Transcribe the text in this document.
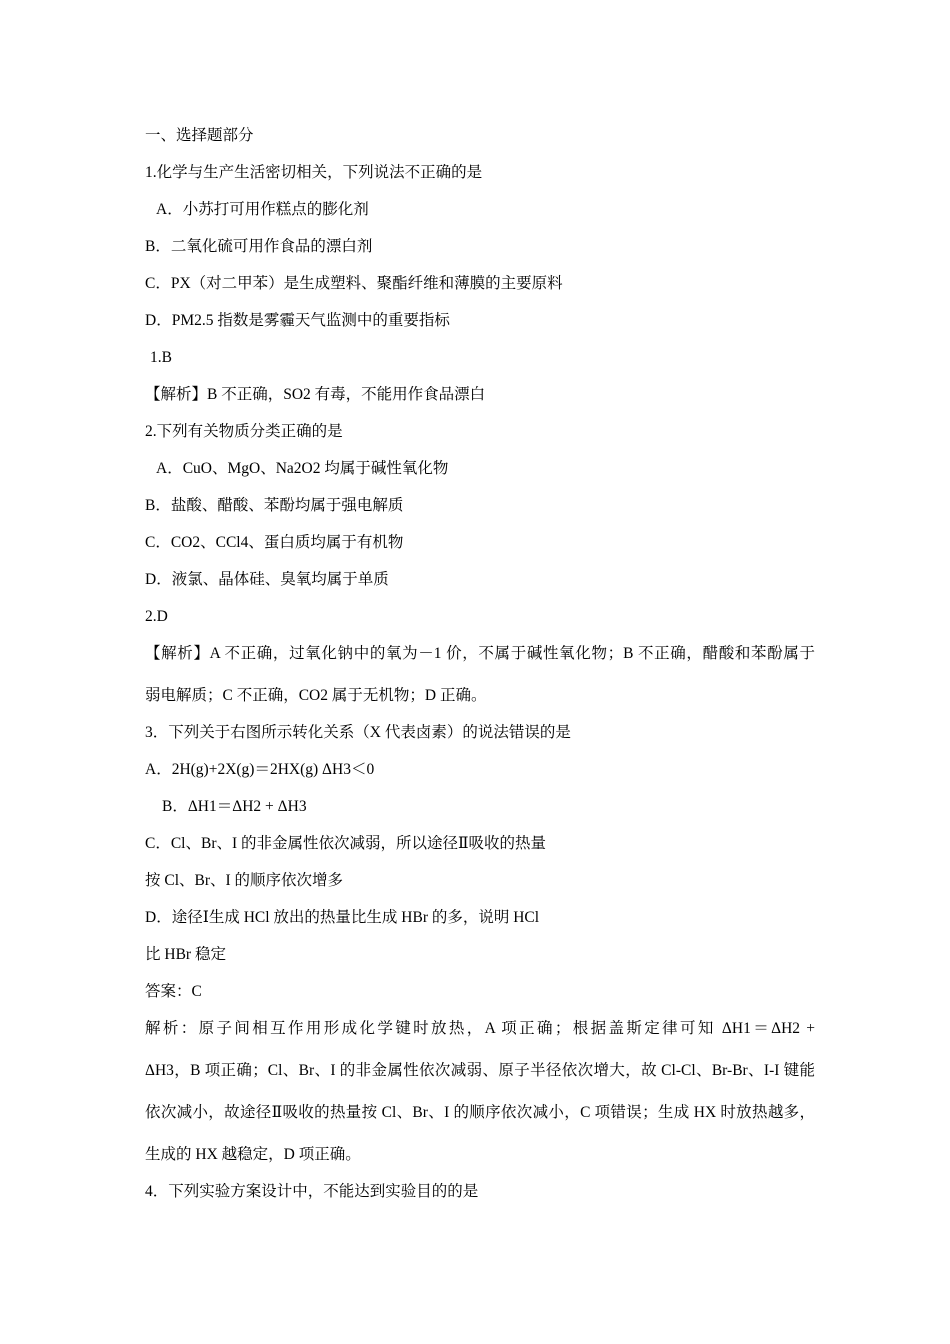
一、选择题部分
1.化学与生产生活密切相关，下列说法不正确的是
A．小苏打可用作糕点的膨化剂
B．二氧化硫可用作食品的漂白剂
C．PX（对二甲苯）是生成塑料、聚酯纤维和薄膜的主要原料
D．PM2.5 指数是雾霾天气监测中的重要指标
1.B
【解析】B 不正确，SO2 有毒，不能用作食品漂白
2.下列有关物质分类正确的是
A．CuO、MgO、Na2O2 均属于碱性氧化物
B．盐酸、醋酸、苯酚均属于强电解质
C．CO2、CCl4、蛋白质均属于有机物
D．液氯、晶体硅、臭氧均属于单质
2.D
【解析】A 不正确，过氧化钠中的氧为－1 价，不属于碱性氧化物；B 不正确，醋酸和苯酚属于
弱电解质；C 不正确，CO2 属于无机物；D 正确。
3．下列关于右图所示转化关系（X 代表卤素）的说法错误的是
A．2H(g)+2X(g)＝2HX(g) ΔH3＜0
B．ΔH1＝ΔH2 + ΔH3
C．Cl、Br、I 的非金属性依次减弱，所以途径Ⅱ吸收的热量
按 Cl、Br、I 的顺序依次增多
D．途径Ⅰ生成 HCl 放出的热量比生成 HBr 的多，说明 HCl
比 HBr 稳定
答案：C
解析：原子间相互作用形成化学键时放热，A 项正确；根据盖斯定律可知 ΔH1＝ΔH2 +
ΔH3，B 项正确；Cl、Br、I 的非金属性依次减弱、原子半径依次增大，故 Cl-Cl、Br-Br、I-I 键能
依次减小，故途径Ⅱ吸收的热量按 Cl、Br、I 的顺序依次减小，C 项错误；生成 HX 时放热越多，
生成的 HX 越稳定，D 项正确。
4．下列实验方案设计中，不能达到实验目的的是
